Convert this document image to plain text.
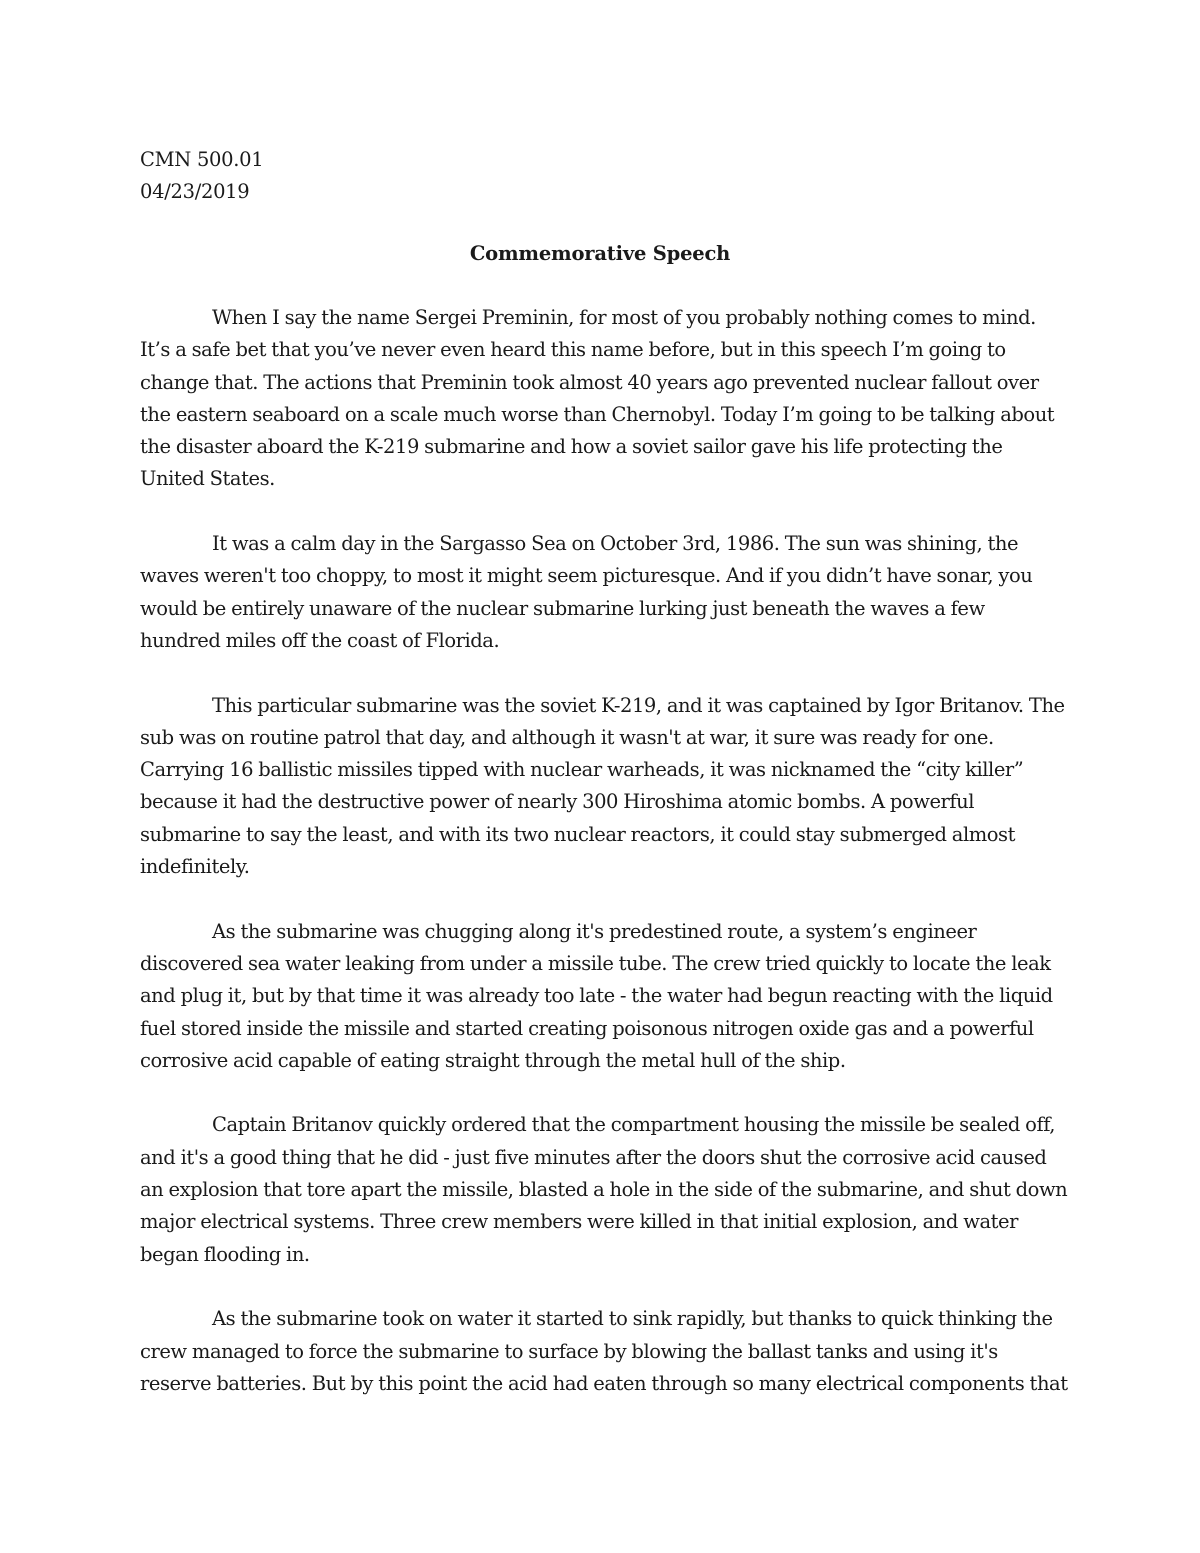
CMN 500.01
04/23/2019
Commemorative Speech

When I say the name Sergei Preminin, for most of you probably nothing comes to mind. It’s a safe bet that you’ve never even heard this name before, but in this speech I’m going to change that. The actions that Preminin took almost 40 years ago prevented nuclear fallout over the eastern seaboard on a scale much worse than Chernobyl. Today I’m going to be talking about the disaster aboard the K-219 submarine and how a soviet sailor gave his life protecting the United States.

It was a calm day in the Sargasso Sea on October 3rd, 1986. The sun was shining, the waves weren't too choppy, to most it might seem picturesque. And if you didn’t have sonar, you would be entirely unaware of the nuclear submarine lurking just beneath the waves a few hundred miles off the coast of Florida.

This particular submarine was the soviet K-219, and it was captained by Igor Britanov. The sub was on routine patrol that day, and although it wasn't at war, it sure was ready for one. Carrying 16 ballistic missiles tipped with nuclear warheads, it was nicknamed the “city killer” because it had the destructive power of nearly 300 Hiroshima atomic bombs. A powerful submarine to say the least, and with its two nuclear reactors, it could stay submerged almost indefinitely.

As the submarine was chugging along it's predestined route, a system’s engineer discovered sea water leaking from under a missile tube. The crew tried quickly to locate the leak and plug it, but by that time it was already too late - the water had begun reacting with the liquid fuel stored inside the missile and started creating poisonous nitrogen oxide gas and a powerful corrosive acid capable of eating straight through the metal hull of the ship.

Captain Britanov quickly ordered that the compartment housing the missile be sealed off, and it's a good thing that he did - just five minutes after the doors shut the corrosive acid caused an explosion that tore apart the missile, blasted a hole in the side of the submarine, and shut down major electrical systems. Three crew members were killed in that initial explosion, and water began flooding in.

As the submarine took on water it started to sink rapidly, but thanks to quick thinking the crew managed to force the submarine to surface by blowing the ballast tanks and using it's reserve batteries. But by this point the acid had eaten through so many electrical components that
